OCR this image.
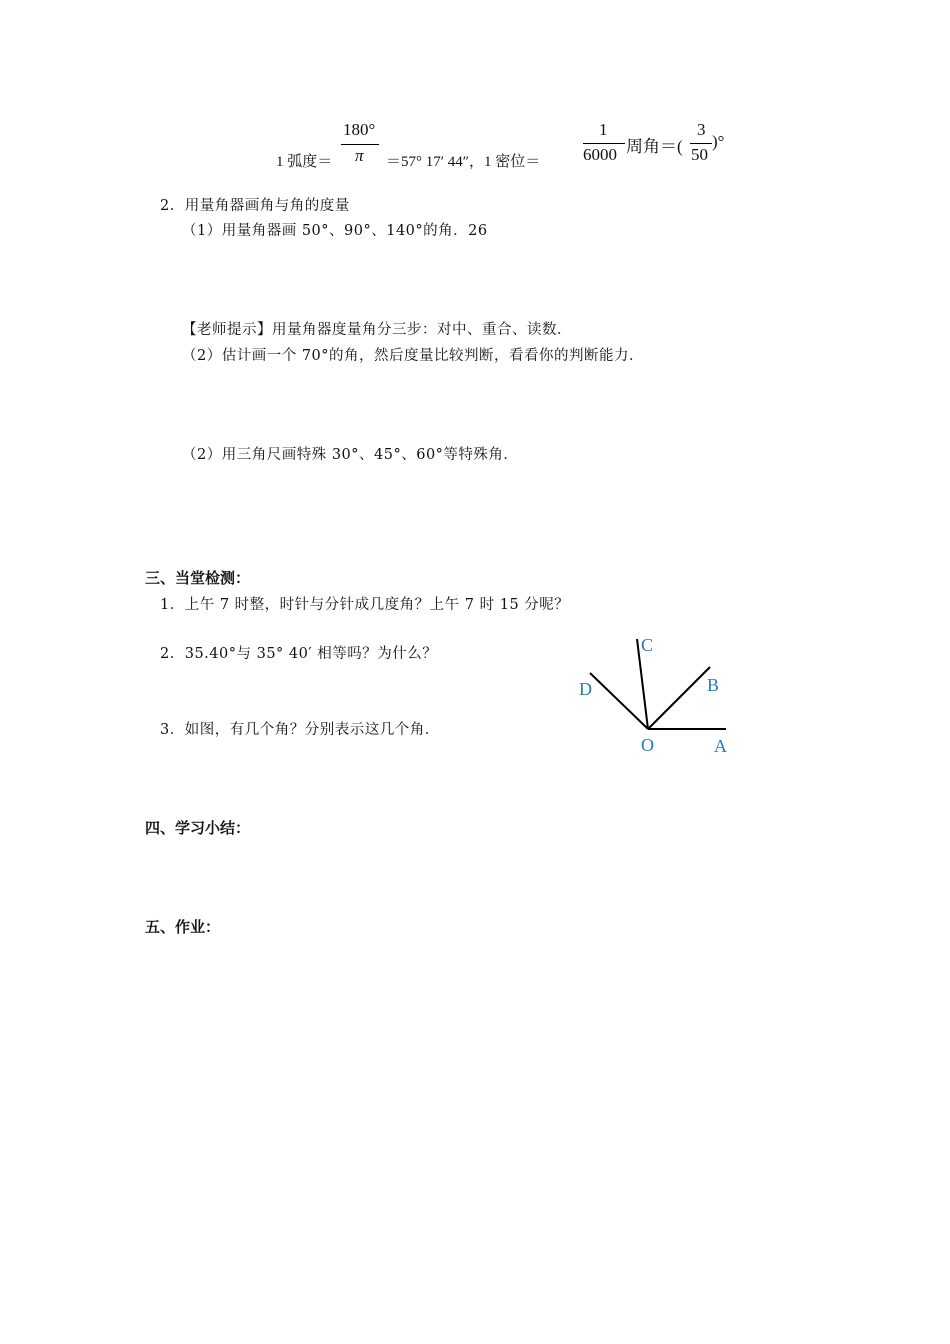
1 弧度＝
180°
π ＝57° 17′ 44″，1 密位＝
1
6000 周角＝(
3
50
)°
2．用量角器画角与角的度量
（1）用量角器画 50°、90°、140°的角．26
【老师提示】用量角器度量角分三步：对中、重合、读数．
（2）估计画一个 70°的角，然后度量比较判断，看看你的判断能力．
（2）用三角尺画特殊 30°、45°、60°等特殊角．
三、当堂检测：
1．上午 7 时整，时针与分针成几度角？上午 7 时 15 分呢？
2．35.40°与 35° 40′ 相等吗？为什么？
3．如图，有几个角？分别表示这几个角．
C
D	B
O	A
四、学习小结：
五、作业：
